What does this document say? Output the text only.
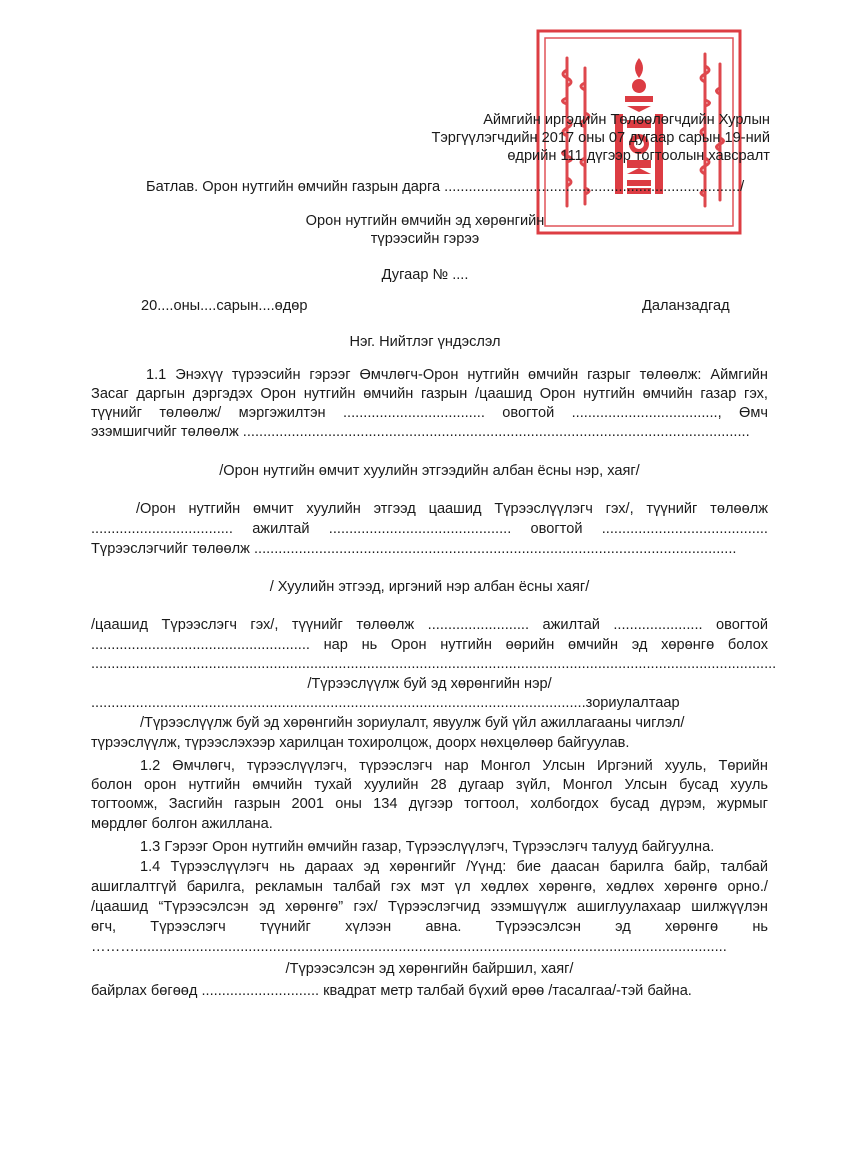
Аймгийн иргэдийн Төлөөлөгчдийн Хурлын
Тэргүүлэгчдийн 2017 оны 07 дугаар сарын 19-ний
өдрийн 111 дүгээр тогтоолын хавсралт
Батлав. Орон нутгийн өмчийн газрын дарга ........................................................................./
Орон нутгийн өмчийн эд хөрөнгийн
түрээсийн гэрээ
Дугаар № ....
20....оны....сарын....өдөр	Даланзадгад
Нэг. Нийтлэг үндэслэл
1.1 Энэхүү түрээсийн гэрээг Өмчлөгч-Орон нутгийн өмчийн газрыг төлөөлж: Аймгийн
Засаг даргын дэргэдэх Орон нутгийн өмчийн газрын /цаашид Орон нутгийн өмчийн газар гэх,
түүнийг төлөөлж/ мэргэжилтэн ................................... овогтой ...................................., Өмч
эзэмшигчийг төлөөлж .............................................................................................................................
/Орон нутгийн өмчит хуулийн этгээдийн албан ёсны нэр, хаяг/
/Орон нутгийн өмчит хуулийн этгээд цаашид Түрээслүүлэгч гэх/, түүнийг төлөөлж
................................... ажилтай ............................................. овогтой .........................................
Түрээслэгчийг төлөөлж .......................................................................................................................
/ Хуулийн этгээд, иргэний нэр албан ёсны хаяг/
/цаашид Түрээслэгч гэх/, түүнийг төлөөлж ......................... ажилтай ...................... овогтой
...................................................... нар нь Орон нутгийн өөрийн өмчийн эд хөрөнгө болох
.........................................................................................................................................................................
/Түрээслүүлж буй эд хөрөнгийн нэр/
..........................................................................................................................зориулалтаар
/Түрээслүүлж буй эд хөрөнгийн зориулалт, явуулж буй үйл ажиллагааны чиглэл/
түрээслүүлж, түрээслэхээр харилцан тохиролцож, доорх нөхцөлөөр байгуулав.
1.2 Өмчлөгч, түрээслүүлэгч, түрээслэгч нар Монгол Улсын Иргэний хууль, Төрийн
болон орон нутгийн өмчийн тухай хуулийн 28 дугаар зүйл, Монгол Улсын бусад хууль
тогтоомж, Засгийн газрын 2001 оны 134 дүгээр тогтоол, холбогдох бусад дүрэм, журмыг
мөрдлөг болгон ажиллана.
1.3 Гэрээг Орон нутгийн өмчийн газар, Түрээслүүлэгч, Түрээслэгч талууд байгуулна.
1.4 Түрээслүүлэгч нь дараах эд хөрөнгийг /Үүнд: бие даасан барилга байр, талбай
ашиглалтгүй барилга, рекламын талбай гэх мэт үл хөдлөх хөрөнгө, хөдлөх хөрөнгө орно./
/цаашид “Түрээсэлсэн эд хөрөнгө” гэх/ Түрээслэгчид эзэмшүүлж ашиглуулахаар шилжүүлэн
өгч, Түрээслэгч түүнийг хүлээн авна. Түрээсэлсэн эд хөрөнгө нь
………..................................................................................................................................................
/Түрээсэлсэн эд хөрөнгийн байршил, хаяг/
байрлах бөгөөд ............................. квадрат метр талбай бүхий өрөө /тасалгаа/-тэй байна.
